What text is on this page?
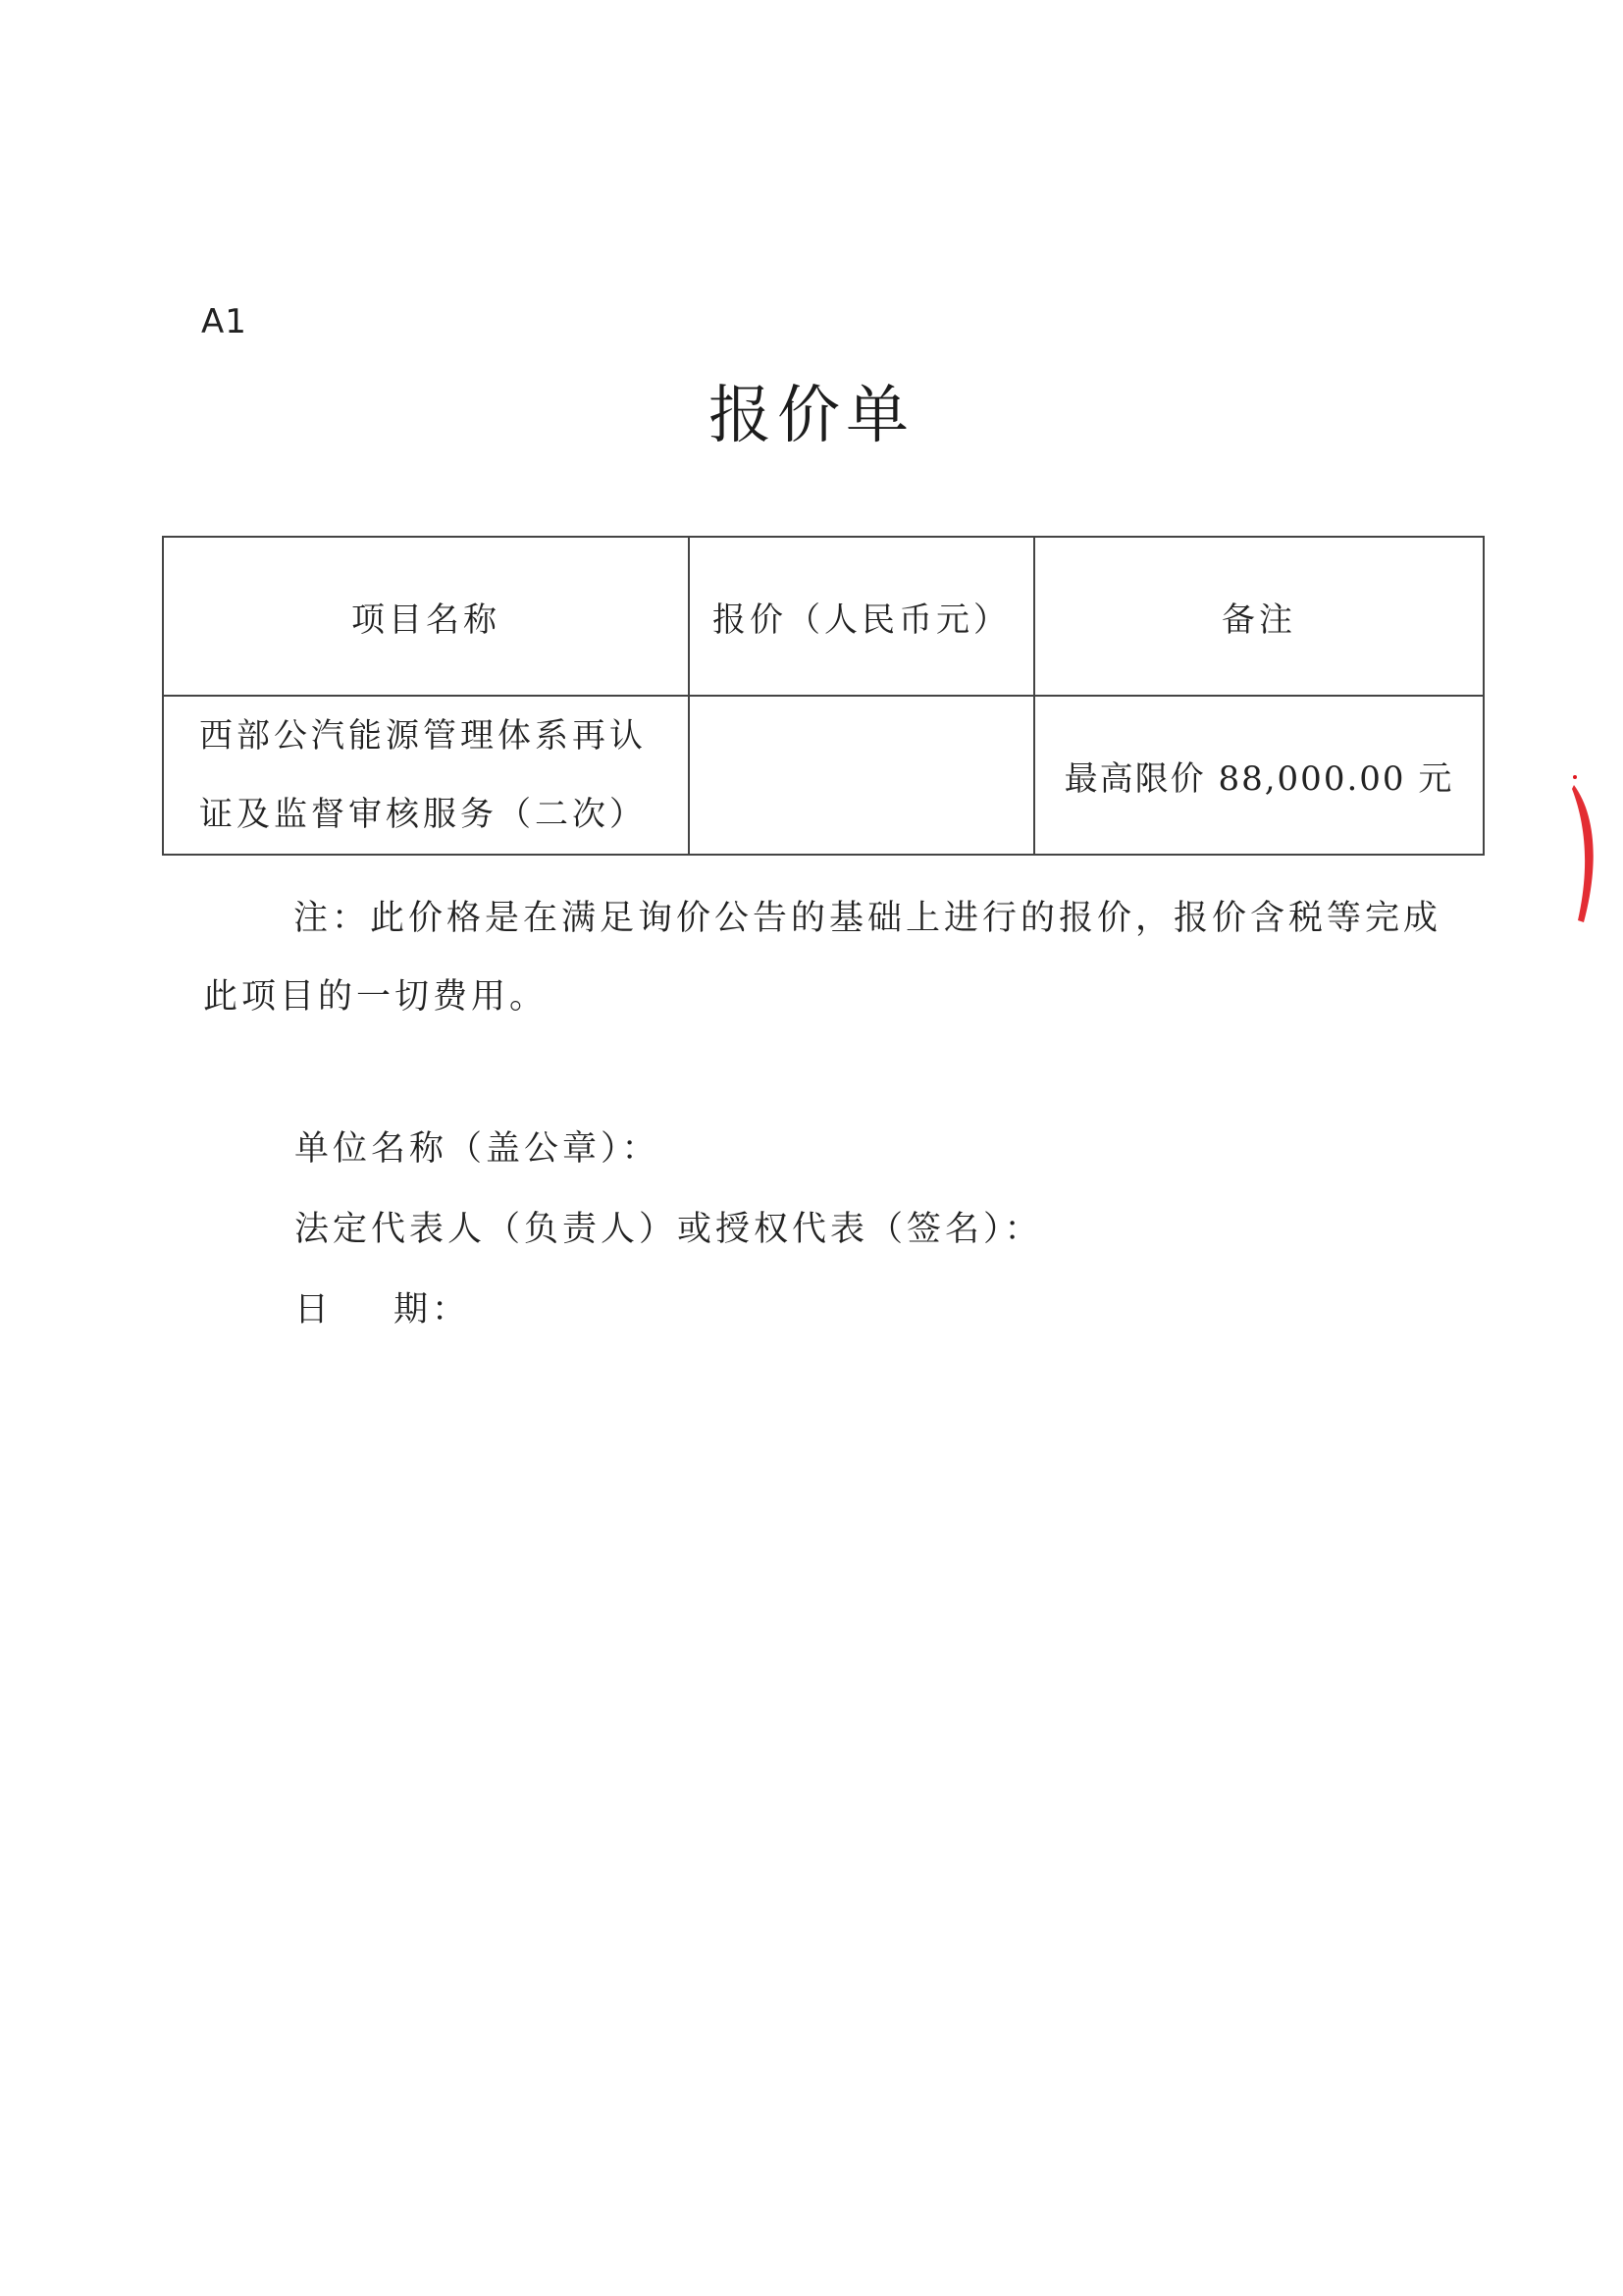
A1
报价单
项目名称	报价（人民币元）	备注
西部公汽能源管理体系再认证及监督审核服务（二次）		最高限价 88,000.00 元
注：此价格是在满足询价公告的基础上进行的报价，报价含税等完成此项目的一切费用。
单位名称（盖公章）：
法定代表人（负责人）或授权代表（签名）：
日 期：
